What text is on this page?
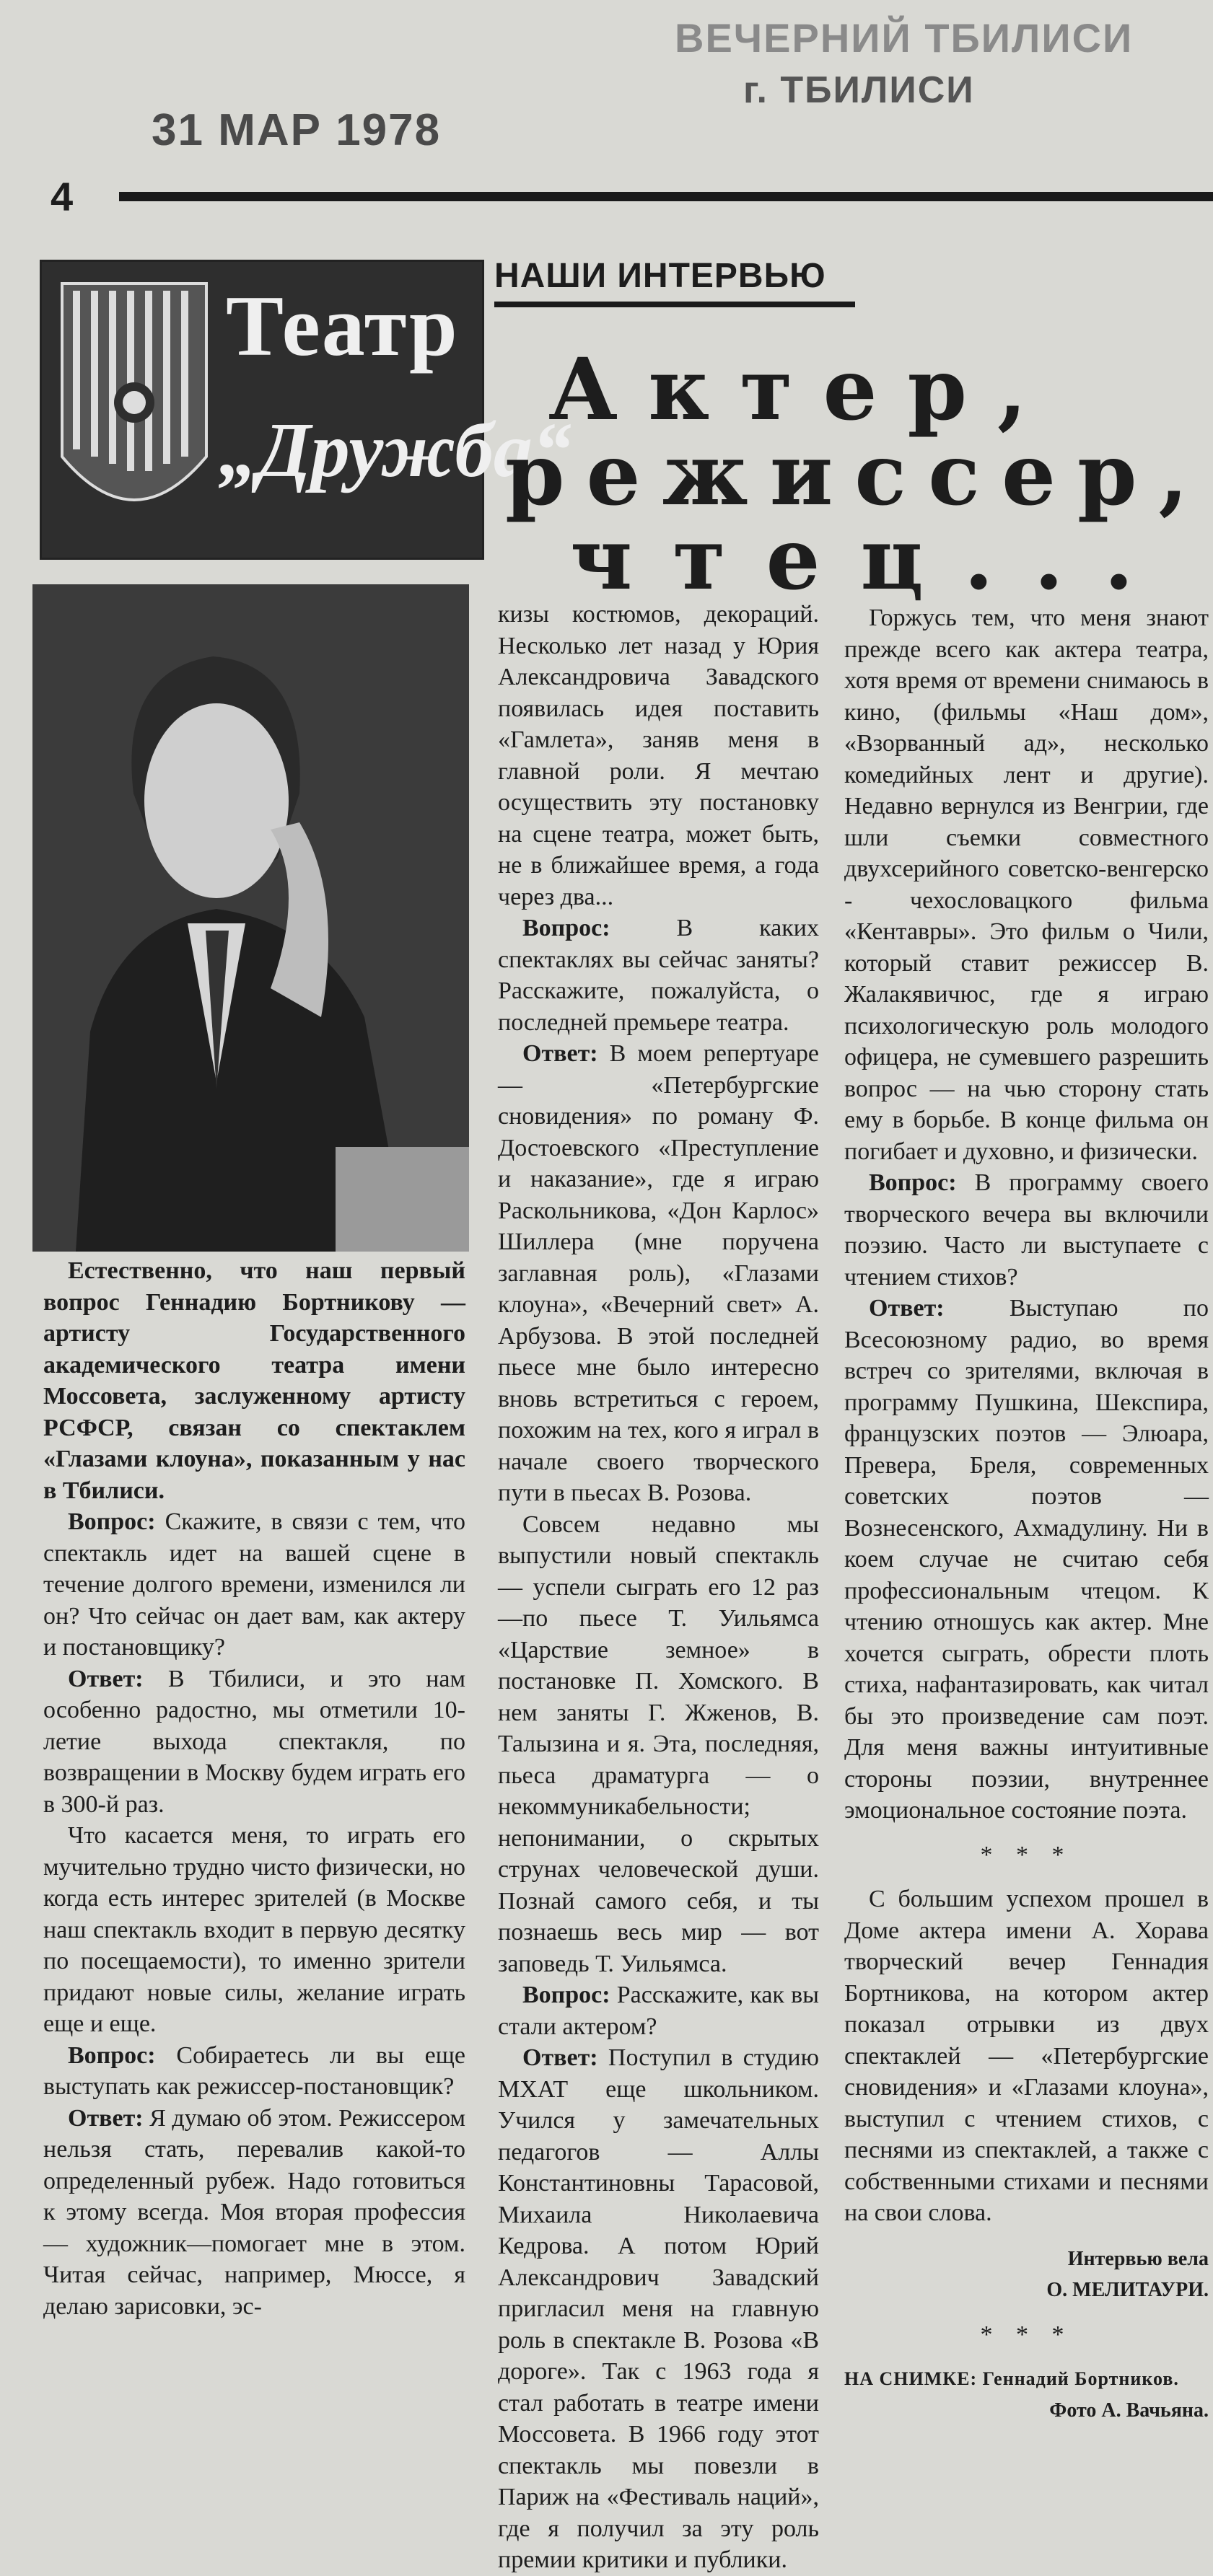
31 МАР 1978
ВЕЧЕРНИЙ ТБИЛИСИ
г. ТБИЛИСИ
4
Театр
„Дружба“
НАШИ ИНТЕРВЬЮ
Актер,
режиссер,
чтец...

Естественно, что наш первый вопрос Геннадию Бортникову — артисту Государственного академического театра имени Моссовета, заслуженному артисту РСФСР, связан со спектаклем «Глазами клоуна», показанным у нас в Тбилиси.

Вопрос: Скажите, в связи с тем, что спектакль идет на вашей сцене в течение долгого времени, изменился ли он? Что сейчас он дает вам, как актеру и постановщику?

Ответ: В Тбилиси, и это нам особенно радостно, мы отметили 10-летие выхода спектакля, по возвращении в Москву будем играть его в 300-й раз.

Что касается меня, то играть его мучительно трудно чисто физически, но когда есть интерес зрителей (в Москве наш спектакль входит в первую десятку по посещаемости), то именно зрители придают новые силы, желание играть еще и еще.

Вопрос: Собираетесь ли вы еще выступать как режиссер-постановщик?

Ответ: Я думаю об этом. Режиссером нельзя стать, перевалив какой-то определенный рубеж. Надо готовиться к этому всегда. Моя вторая профессия — художник—помогает мне в этом. Читая сейчас, например, Мюссе, я делаю зарисовки, эс-

кизы костюмов, декораций. Несколько лет назад у Юрия Александровича Завадского появилась идея поставить «Гамлета», заняв меня в главной роли. Я мечтаю осуществить эту постановку на сцене театра, может быть, не в ближайшее время, а года через два...

Вопрос:	В каких спектаклях вы сейчас заняты? Расскажите, пожалуйста, о последней премьере театра.

Ответ: В моем репертуаре — «Петербургские сновидения» по роману Ф. Достоевского «Преступление и наказание», где я играю Раскольникова, «Дон Карлос» Шиллера (мне поручена заглавная роль), «Глазами клоуна», «Вечерний свет» А. Арбузова. В этой последней пьесе мне было интересно вновь встретиться с героем, похожим на тех, кого я играл в начале своего творческого пути в пьесах В. Розова.

Совсем недавно мы выпустили новый спектакль — успели сыграть его 12 раз—по пьесе Т. Уильямса «Царствие земное» в постановке П. Хомского. В нем заняты Г. Жженов, В. Талызина и я. Эта, последняя, пьеса драматурга — о некоммуникабельности; непонимании, о скрытых струнах человеческой души. Познай самого себя, и ты познаешь весь мир — вот заповедь Т. Уильямса.

Вопрос: Расскажите, как вы стали актером?

Ответ: Поступил в студию МХАТ еще школьником. Учился у замечательных педагогов — Аллы Константиновны Тарасовой, Михаила Николаевича Кедрова. А потом Юрий Александрович Завадский пригласил меня на главную роль в спектакле В. Розова «В дороге». Так с 1963 года я стал работать в театре имени Моссовета. В 1966 году этот спектакль мы повезли в Париж на «Фестиваль наций», где я получил за эту роль премии критики и публики.

Горжусь тем, что меня знают прежде всего как актера театра, хотя время от времени снимаюсь в кино, (фильмы «Наш дом», «Взорванный ад», несколько комедийных лент и другие). Недавно вернулся из Венгрии, где шли съемки совместного двухсерийного советско-венгерско - чехословацкого фильма «Кентавры». Это фильм о Чили, который ставит режиссер В. Жалакявичюс, где я играю психологическую роль молодого офицера, не сумевшего разрешить вопрос — на чью сторону стать ему в борьбе. В конце фильма он погибает и духовно, и физически.

Вопрос: В программу своего творческого вечера вы включили поэзию. Часто ли выступаете с чтением стихов?

Ответ:	Выступаю по Всесоюзному радио, во время встреч со зрителями, включая в программу Пушкина, Шекспира, французских поэтов — Элюара, Превера, Бреля, современных советских поэтов — Вознесенского, Ахмадулину. Ни в коем случае не считаю себя профессиональным чтецом. К чтению отношусь как актер. Мне хочется сыграть, обрести плоть стиха, нафантазировать, как читал бы это произведение сам поэт. Для меня важны интуитивные стороны поэзии, внутреннее эмоциональное состояние поэта.

* * *

С большим успехом прошел в Доме актера имени А. Хорава творческий вечер Геннадия Бортникова, на котором актер показал отрывки из двух спектаклей — «Петербургские сновидения» и «Глазами клоуна», выступил с чтением стихов, с песнями из спектаклей, а также с собственными стихами и песнями на свои слова.

Интервью вела

О. МЕЛИТАУРИ.

* * *

НА СНИМКЕ: Геннадий Бортников.

Фото А. Вачьяна.
